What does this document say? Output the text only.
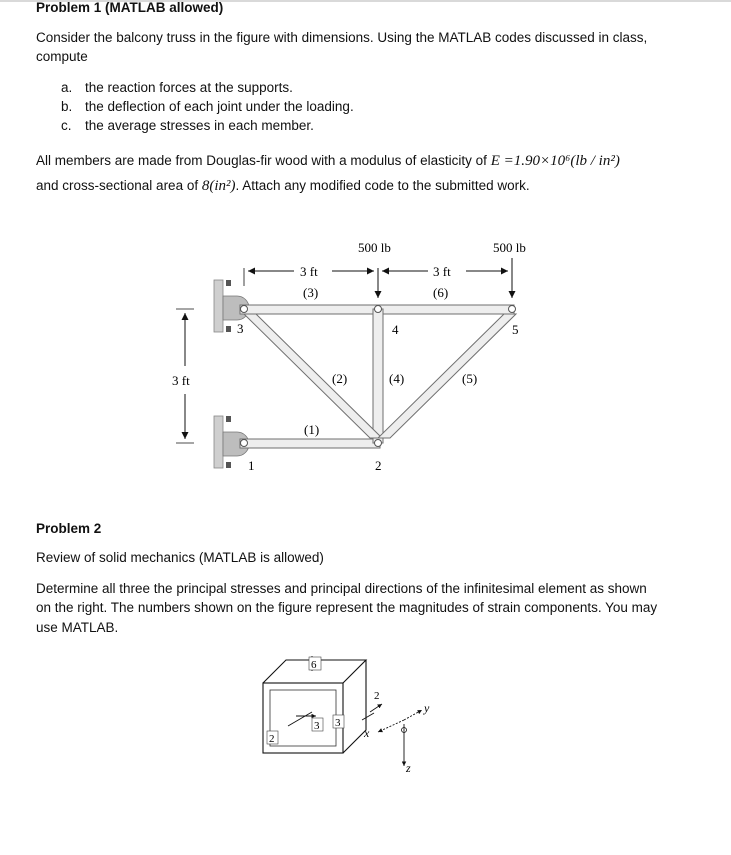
Problem 1 (MATLAB allowed)
Consider the balcony truss in the figure with dimensions. Using the MATLAB codes discussed in class,
compute
a. the reaction forces at the supports.
b. the deflection of each joint under the loading.
c. the average stresses in each member.
All members are made from Douglas-fir wood with a modulus of elasticity of E =1.90×10⁶(lb / in²)
and cross-sectional area of 8(in²). Attach any modified code to the submitted work.
500 lb	500 lb
3 ft	3 ft
3 ft
(1)
(2)
(3)
(4)	(5)
(6)
1	2
3	4	5
Problem 2
Review of solid mechanics (MATLAB is allowed)
Determine all three the principal stresses and principal directions of the infinitesimal element as shown
on the right. The numbers shown on the figure represent the magnitudes of strain components. You may
use MATLAB.
6
2
3 3
2
y
x
z
